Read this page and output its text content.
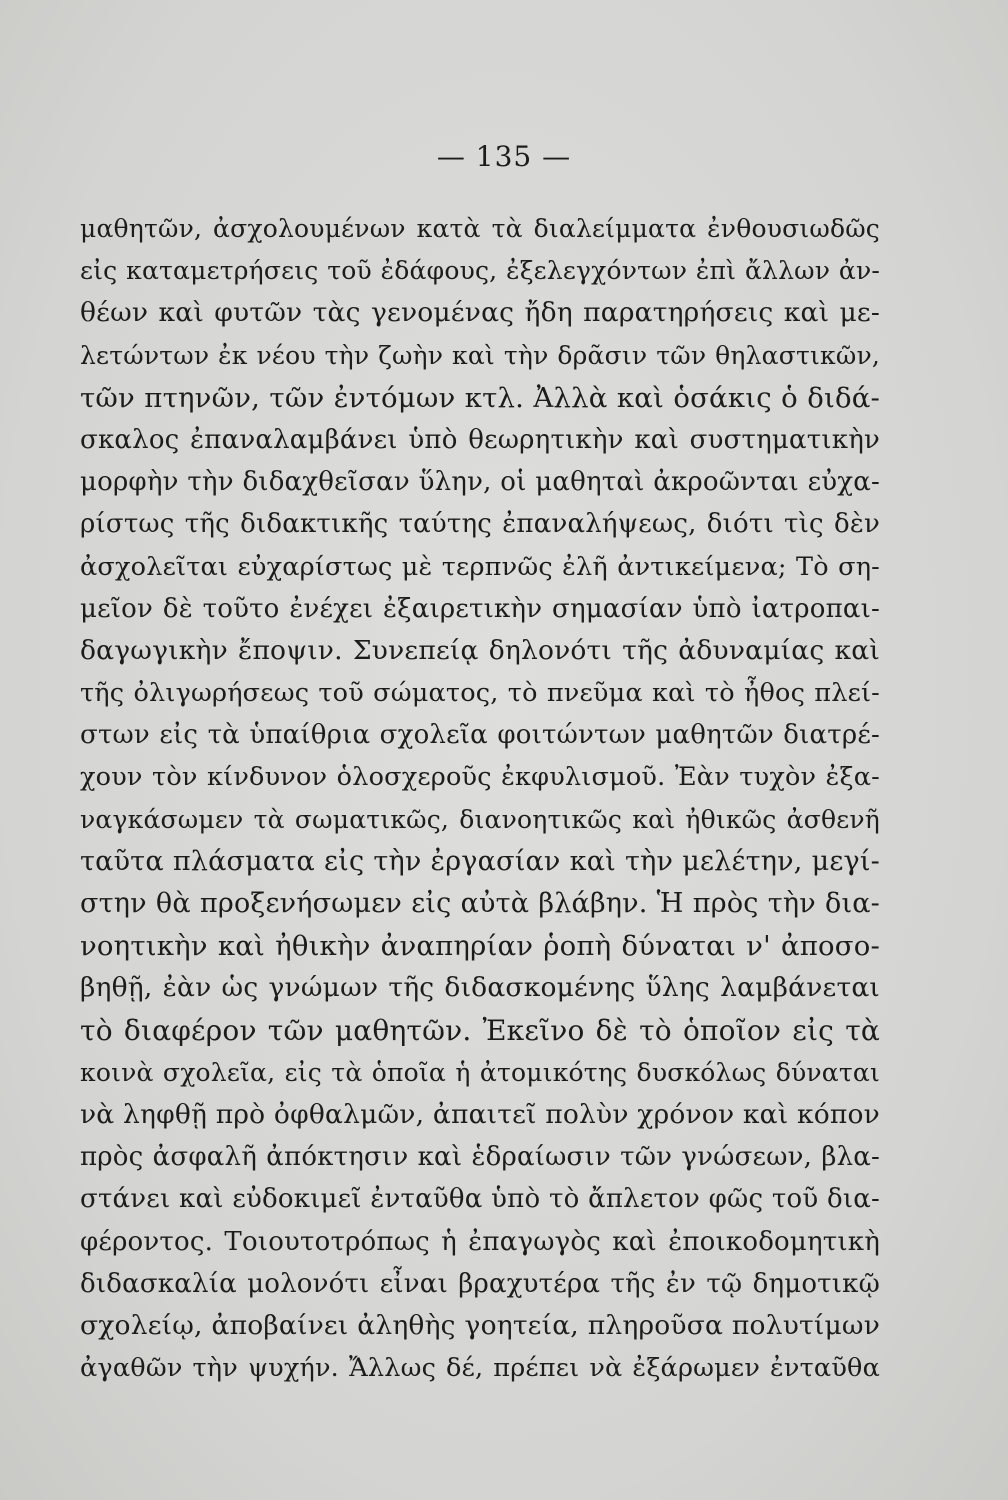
— 135 —
μαθητῶν, ἀσχολουμένων κατὰ τὰ διαλείμματα ἐνθουσιωδῶς
εἰς καταμετρήσεις τοῦ ἐδάφους, ἐξελεγχόντων ἐπὶ ἄλλων ἀν-
θέων καὶ φυτῶν τὰς γενομένας ἤδη παρατηρήσεις καὶ με-
λετώντων ἐκ νέου τὴν ζωὴν καὶ τὴν δρᾶσιν τῶν θηλαστικῶν,
τῶν πτηνῶν, τῶν ἐντόμων κτλ. Ἀλλὰ καὶ ὁσάκις ὁ διδά-
σκαλος ἐπαναλαμβάνει ὑπὸ θεωρητικὴν καὶ συστηματικὴν
μορφὴν τὴν διδαχθεῖσαν ὕλην, οἱ μαθηταὶ ἀκροῶνται εὐχα-
ρίστως τῆς διδακτικῆς ταύτης ἐπαναλήψεως, διότι τὶς δὲν
ἀσχολεῖται εὐχαρίστως μὲ τερπνῶς ἐλῆ ἀντικείμενα; Τὸ ση-
μεῖον δὲ τοῦτο ἐνέχει ἐξαιρετικὴν σημασίαν ὑπὸ ἰατροπαι-
δαγωγικὴν ἔποψιν. Συνεπείᾳ δηλονότι τῆς ἀδυναμίας καὶ
τῆς ὀλιγωρήσεως τοῦ σώματος, τὸ πνεῦμα καὶ τὸ ἦθος πλεί-
στων εἰς τὰ ὑπαίθρια σχολεῖα φοιτώντων μαθητῶν διατρέ-
χουν τὸν κίνδυνον ὁλοσχεροῦς ἐκφυλισμοῦ. Ἐὰν τυχὸν ἐξα-
ναγκάσωμεν τὰ σωματικῶς, διανοητικῶς καὶ ἠθικῶς ἀσθενῆ
ταῦτα πλάσματα εἰς τὴν ἐργασίαν καὶ τὴν μελέτην, μεγί-
στην θὰ προξενήσωμεν εἰς αὐτὰ βλάβην. Ἡ πρὸς τὴν δια-
νοητικὴν καὶ ἠθικὴν ἀναπηρίαν ῥοπὴ δύναται ν' ἀποσο-
βηθῇ, ἐὰν ὡς γνώμων τῆς διδασκομένης ὕλης λαμβάνεται
τὸ διαφέρον τῶν μαθητῶν. Ἐκεῖνο δὲ τὸ ὁποῖον εἰς τὰ
κοινὰ σχολεῖα, εἰς τὰ ὁποῖα ἡ ἀτομικότης δυσκόλως δύναται
νὰ ληφθῇ πρὸ ὀφθαλμῶν, ἀπαιτεῖ πολὺν χρόνον καὶ κόπον
πρὸς ἀσφαλῆ ἀπόκτησιν καὶ ἑδραίωσιν τῶν γνώσεων, βλα-
στάνει καὶ εὐδοκιμεῖ ἐνταῦθα ὑπὸ τὸ ἄπλετον φῶς τοῦ δια-
φέροντος. Τοιουτοτρόπως ἡ ἐπαγωγὸς καὶ ἐποικοδομητικὴ
διδασκαλία μολονότι εἶναι βραχυτέρα τῆς ἐν τῷ δημοτικῷ
σχολείῳ, ἀποβαίνει ἀληθὴς γοητεία, πληροῦσα πολυτίμων
ἀγαθῶν τὴν ψυχήν. Ἄλλως δέ, πρέπει νὰ ἐξάρωμεν ἐνταῦθα
